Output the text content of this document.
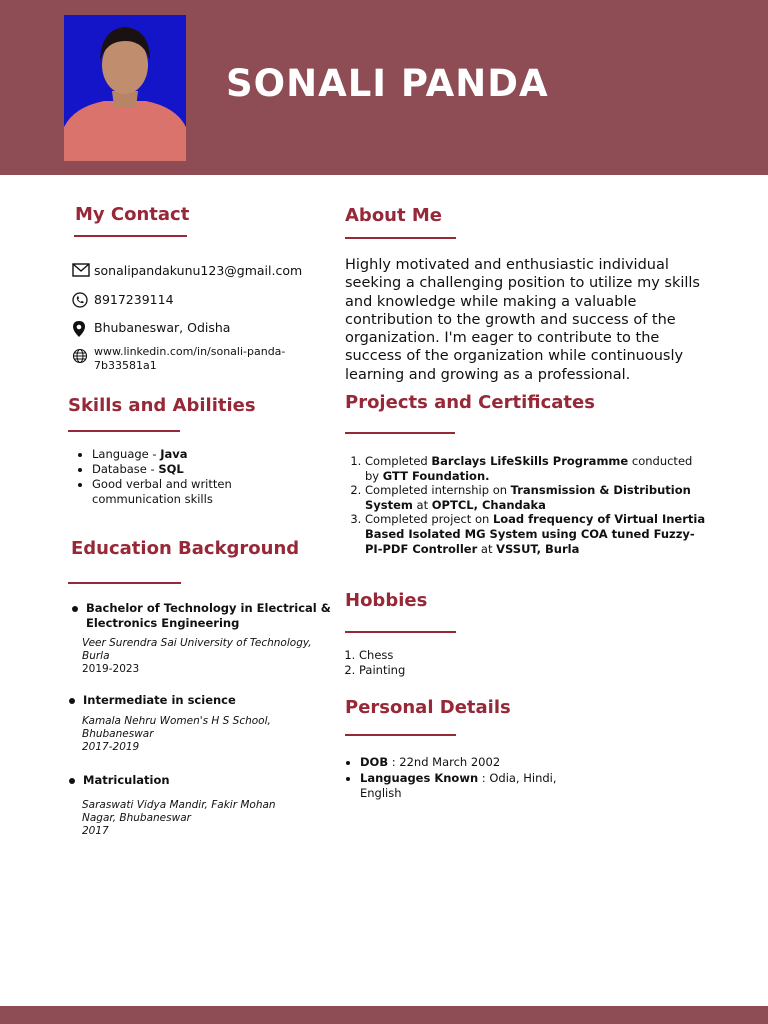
SONALI PANDA
My Contact
sonalipandakunu123@gmail.com
8917239114
Bhubaneswar, Odisha
www.linkedin.com/in/sonali-panda-
7b33581a1
Skills and Abilities
• Language - Java
• Database - SQL
• Good verbal and written communication skills
Education Background
Bachelor of Technology in Electrical &
Electronics Engineering
Veer Surendra Sai University of Technology,
Burla
2019-2023
Intermediate in science
Kamala Nehru Women's H S School,
Bhubaneswar
2017-2019
Matriculation
Saraswati Vidya Mandir, Fakir Mohan
Nagar, Bhubaneswar
2017
About Me
Highly motivated and enthusiastic individual seeking a challenging position to utilize my skills and knowledge while making a valuable contribution to the growth and success of the organization. I'm eager to contribute to the success of the organization while continuously learning and growing as a professional.
Projects and Certificates
1. Completed Barclays LifeSkills Programme conducted by GTT Foundation.
2. Completed internship on Transmission & Distribution System at OPTCL, Chandaka
3. Completed project on Load frequency of Virtual Inertia Based Isolated MG System using COA tuned Fuzzy-PI-PDF Controller at VSSUT, Burla
Hobbies
1. Chess
2. Painting
Personal Details
• DOB : 22nd March 2002
• Languages Known : Odia, Hindi, English
